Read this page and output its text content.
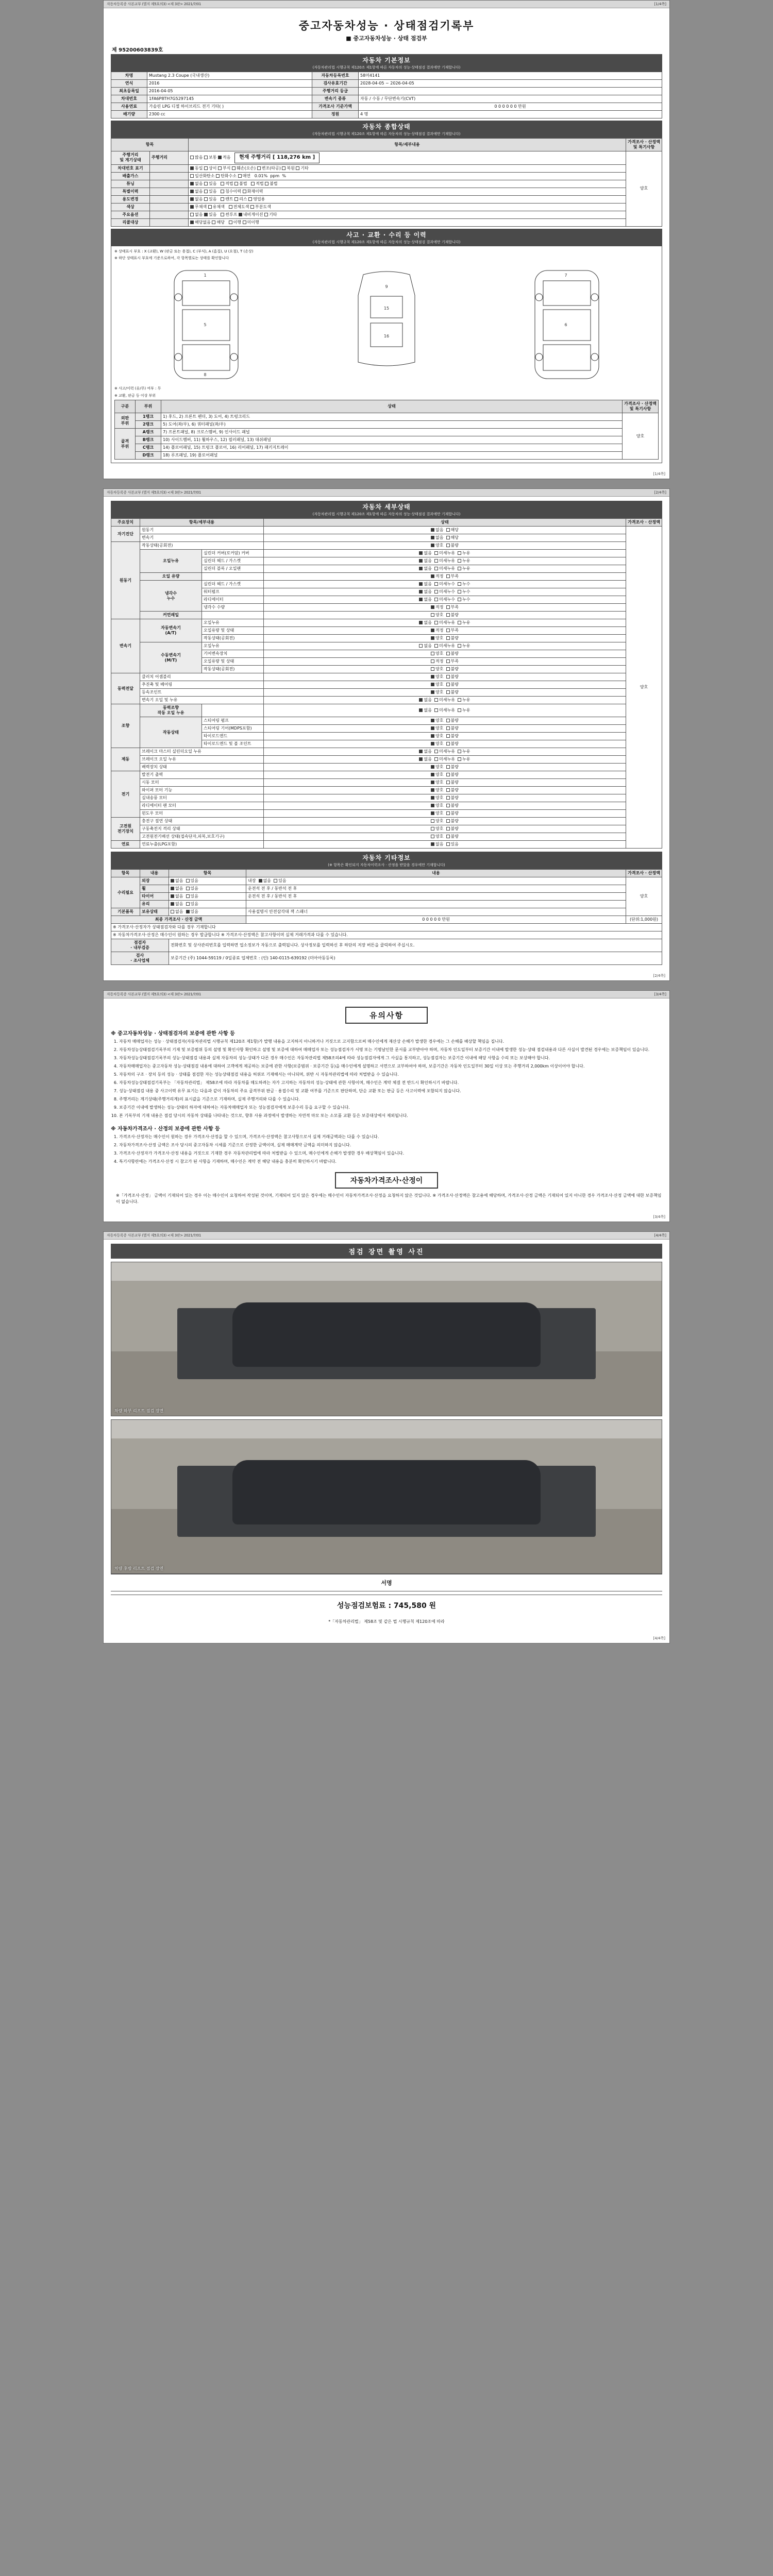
자동차등록증 사본교부 (별지 제5호의3) <제 3판> 2021/7/01	[1/4쪽]
중고자동차성능 · 상태점검기록부
■ 중고자동차성능 · 상태 점검부
제 95200603839호
자동차 기본정보
(자동차관리법 시행규칙 제120조 제1항에 따른 자동차의 성능·상태점검 결과에만 기재합니다)
차명	Mustang 2.3 Coupe (국내생산)	자동차등록번호	58머4141
연식	2016	검사유효기간	2028-04-05 ~ 2026-04-05
최초등록일	2016-04-05	주행거리 등급	
차대번호	1FA6P8TH7G5297145	변속기 종류	자동 / 수동 / 무단변속기(CVT)
사용연료	가솔린 LPG 디젤 하이브리드 전기 기타( )	가격조사 기준가액	0 0 0 0 0 0 만원
배기량	2300 cc	정원	4 명
자동차 종합상태
(자동차관리법 시행규칙 제120조 제1항에 따른 자동차의 성능·상태점검 결과에만 기재합니다)
항목		항목/세부내용	가격조사 · 산정액 및 특기사항
주행거리
및 계기상태	주행거리	많음 보통 적음   현재 주행거리 [ 118,276 km ]	양호
차대번호 표기		동일 상이 부식 훼손(오손) 변조(타공) 복원 기타	
배출가스		일산화탄소 탄화수소 매연   0.01% ppm %	
튜닝		없음 있음   적법 불법   적법 불법	
특별이력		없음 있음   침수이력 화재이력	
용도변경		없음 있음   렌트 리스 영업용	
색상		무채색 유채색   전체도색 부분도색	
주요옵션		없음 있음   썬루프 내비게이션 기타	
리콜대상		해당없음 해당   이행 미이행	
사고 · 교환 · 수리 등 이력
(자동차관리법 시행규칙 제120조 제1항에 따른 자동차의 성능·상태점검 결과에만 기재합니다)
※ 상태표시 부호 : X (교환), W (판금 또는 용접), C (부식), A (흠집), U (요철), T (손상)
※ 하단 상태표시 부호에 기준으로하여, 각 항목별로는 상태를 확인합니다
1
5
8
9
15
16
7
6
※ 사고/이력 (유/무) 여부 : 무
※ 교환, 판금 등 이상 부위
구분	부위	상태	가격조사 · 산정액 및 특기사항
외판
부위	1랭크	1) 후드, 2) 프론트 펜더, 3) 도어, 4) 트렁크리드	양호
	2랭크	5) 도어(좌/우), 6) 쿼터패널(좌/우)	
골격
부위	A랭크	7) 프론트패널, 8) 크로스멤버, 9) 인사이드 패널	
	B랭크	10) 사이드멤버, 11) 휠하우스, 12) 필러패널, 13) 대쉬패널	
	C랭크	14) 플로어패널, 15) 트렁크 플로어, 16) 리어패널, 17) 패키지트레이	
	D랭크	18) 루프패널, 19) 플로어패널	
[1/4쪽]
자동차등록증 사본교부 (별지 제5호의3) <제 3판> 2021/7/01	[2/4쪽]
자동차 세부상태
(자동차관리법 시행규칙 제120조 제1항에 따른 자동차의 성능·상태점검 결과에만 기재합니다)
주요장치	항목/세부내용		상태	가격조사 · 산정액
자기진단	원동기		없음  해당	양호
	변속기		없음  해당	
원동기	작동상태(공회전)		양호  불량	
	오일누유	실린더 커버(로커암) 커버	없음  미세누유  누유	
		실린더 헤드 / 가스켓	없음  미세누유  누유	
		실린더 블록 / 오일팬	없음  미세누유  누유	
	오일 유량		적정  부족	
	냉각수
누수	실린더 헤드 / 가스켓	없음  미세누수  누수	
		워터펌프	없음  미세누수  누수	
		라디에이터	없음  미세누수  누수	
		냉각수 수량	적정  부족	
	커먼레일		양호  불량	
변속기	자동변속기
(A/T)	오일누유	없음  미세누유  누유	
		오일유량 및 상태	적정  부족	
		작동상태(공회전)	양호  불량	
	수동변속기
(M/T)	오일누유	없음  미세누유  누유	
		기어변속장치	양호  불량	
		오일유량 및 상태	적정  부족	
		작동상태(공회전)	양호  불량	
동력전달	클러치 어셈블리		양호  불량	
	추진축 및 베어링		양호  불량	
	등속조인트		양호  불량	
	변속기 오일 및 누유		없음  미세누유  누유	
조향	동력조향
작동 오일 누유		없음  미세누유  누유	
	작동상태	스티어링 펌프	양호  불량	
		스티어링 기어(MDPS포함)	양호  불량	
		타이로드엔드	양호  불량	
		타이로드엔드 및 볼 조인트	양호  불량	
제동	브레이크 마스터 실린더오일 누유		없음  미세누유  누유	
	브레이크 오일 누유		없음  미세누유  누유	
	배력장치 상태		양호  불량	
전기	발전기 출력		양호  불량	
	시동 모터		양호  불량	
	와이퍼 모터 기능		양호  불량	
	실내송풍 모터		양호  불량	
	라디에이터 팬 모터		양호  불량	
	윈도우 모터		양호  불량	
고전원
전기장치	충전구 절연 상태		양호  불량	
	구동축전지 격리 상태		양호  불량	
	고전원전기배선 상태(접속단자,피복,보호기구)		양호  불량	
연료	연료누출(LPG포함)		없음  있음	
자동차 기타정보
(※ 항목은 확인되지 자동차이력조사 · 산정을 받았을 경우에만 기재합니다)
항목	내용	항목	내용	가격조사 · 산정액
수리필요	외장	없음  있음	내장 없음  있음	양호
	휠	없음  있음	운전석 전 후 / 동반석 전 후	
	타이어	없음  있음	운전석 전 후 / 동반석 전 후	
	유리	없음  있음		
기본품목	보유상태	없음  있음	사용설명서 안전삼각대 잭 스패너	
최종 가격조사 · 산정 금액			0 0 0 0 0 만원	(단위:1,000원)
※ 가격조사·산정자가 상태점검자와 다를 경우 기재합니다				
※ 자동차가격조사·산정은 매수인이 원하는 경우 발급합니다 ※ 가격조사·산정액은 참고사항이며 실제 거래가격과 다를 수 있습니다.				
점검자
· 내부검증		전화번호 및 상사관리번호를 입력하면 업소정보가 자동으로 출력됩니다. 상사정보를 입력하신 후 하단의 저장 버튼을 클릭하여 주십시오.		
검사
· 조사업체		보증기간 (주) 1044-59119 / 0일종료 업체번호 : (인) 140-0115-639192 (미아아동등록)		
[2/4쪽]
자동차등록증 사본교부 (별지 제5호의3) <제 3판> 2021/7/01	[3/4쪽]
유의사항
※ 중고자동차성능 · 상태점검자의 보증에 관한 사항 등
1. 자동차 매매업자는 성능 · 상태점검자(자동차관리법 시행규칙 제120조 제1항)가 발행 내용을 고지하지 아니하거나 거짓으로 고지함으로써 매수인에게 재산상 손해가 발생한 경우에는 그 손해를 배상할 책임을 집니다.
2. 자동차성능상태점검기록부의 기재 및 보증범위 등의 설명 및 확인사항 확인하고 설명 및 보증에 대하여 매매업자 또는 성능점검자가 서명 또는 기명날인한 문서를 교부받아야 하며, 자동차 인도일부터 보증기간 이내에 발생한 성능·상태 점검내용과 다른 사실이 발견된 경우에는 보증책임이 있습니다.
3. 자동차성능상태점검기록부의 성능·상태점검 내용과 실제 자동차의 성능·상태가 다른 경우 매수인은 자동차관리법 제58조의4에 따라 성능점검자에게 그 사실을 통지하고, 성능점검자는 보증기간 이내에 해당 사항을 수리 또는 보상해야 합니다.
4. 자동차매매업자는 중고자동차 성능·상태점검 내용에 대하여 고객에게 제공하는 보증에 관한 사항(보증범위 · 보증기간 등)을 매수인에게 설명하고 서면으로 교부하여야 하며, 보증기간은 자동차 인도일부터 30일 이상 또는 주행거리 2,000km 이상이어야 합니다.
5. 자동차의 구조 · 장치 등의 성능 · 상태를 점검한 자는 성능상태점검 내용을 허위로 기재해서는 아니되며, 위반 시 자동차관리법에 따라 처벌받을 수 있습니다.
6. 자동차성능상태점검기록부는 「자동차관리법」 제58조에 따라 자동차를 매도하려는 자가 고지하는 자동차의 성능·상태에 관한 사항이며, 매수인은 계약 체결 전 반드시 확인하시기 바랍니다.
7. 성능·상태점검 내용 중 사고이력 유무 표기는 다음과 같이 자동차의 주요 골격부위 판금 · 용접수리 및 교환 여부를 기준으로 판단하며, 단순 교환 또는 판금 등은 사고이력에 포함되지 않습니다.
8. 주행거리는 계기상태(주행거리계)의 표시값을 기준으로 기재하며, 실제 주행거리와 다를 수 있습니다.
9. 보증기간 이내에 발생하는 성능·상태의 하자에 대하여는 자동차매매업자 또는 성능점검자에게 보증수리 등을 요구할 수 있습니다.
10. 본 기록부의 기재 내용은 점검 당시의 자동차 상태를 나타내는 것으로, 향후 사용 과정에서 발생하는 자연적 마모 또는 소모품 교환 등은 보증대상에서 제외됩니다.
※ 자동차가격조사 · 산정의 보증에 관한 사항 등
1. 가격조사·산정자는 매수인이 원하는 경우 가격조사·산정을 할 수 있으며, 가격조사·산정액은 참고사항으로서 실제 거래금액과는 다를 수 있습니다.
2. 자동차가격조사·산정 금액은 조사 당시의 중고자동차 시세를 기준으로 산정한 금액이며, 실제 매매계약 금액을 의미하지 않습니다.
3. 가격조사·산정자가 가격조사·산정 내용을 거짓으로 기재한 경우 자동차관리법에 따라 처벌받을 수 있으며, 매수인에게 손해가 발생한 경우 배상책임이 있습니다.
4. 특기사항란에는 가격조사·산정 시 참고가 된 사항을 기재하며, 매수인은 계약 전 해당 내용을 충분히 확인하시기 바랍니다.
자동차가격조사·산정이

※「가격조사·산정」 금액이 기재되어 있는 경우 이는 매수인이 요청하여 작성된 것이며, 기재되어 있지 않은 경우에는 매수인이 자동차가격조사·산정을 요청하지 않은 것입니다. ※ 가격조사·산정액은 참고용에 해당하며, 가격조사·산정 금액은 기재되어 있지 아니한 경우 가격조사·산정 금액에 대한 보증책임이 없습니다.

[3/4쪽]
자동차등록증 사본교부 (별지 제5호의3) <제 3판> 2021/7/01	[4/4쪽]
점검 장면 촬영 사진
차량 하부 리프트 점검 장면
차량 후방 리프트 점검 장면
서명
성능점검보험료 : 745,580 원
*「자동차관리법」 제58조 및 같은 법 시행규칙 제120조에 따라
[4/4쪽]
